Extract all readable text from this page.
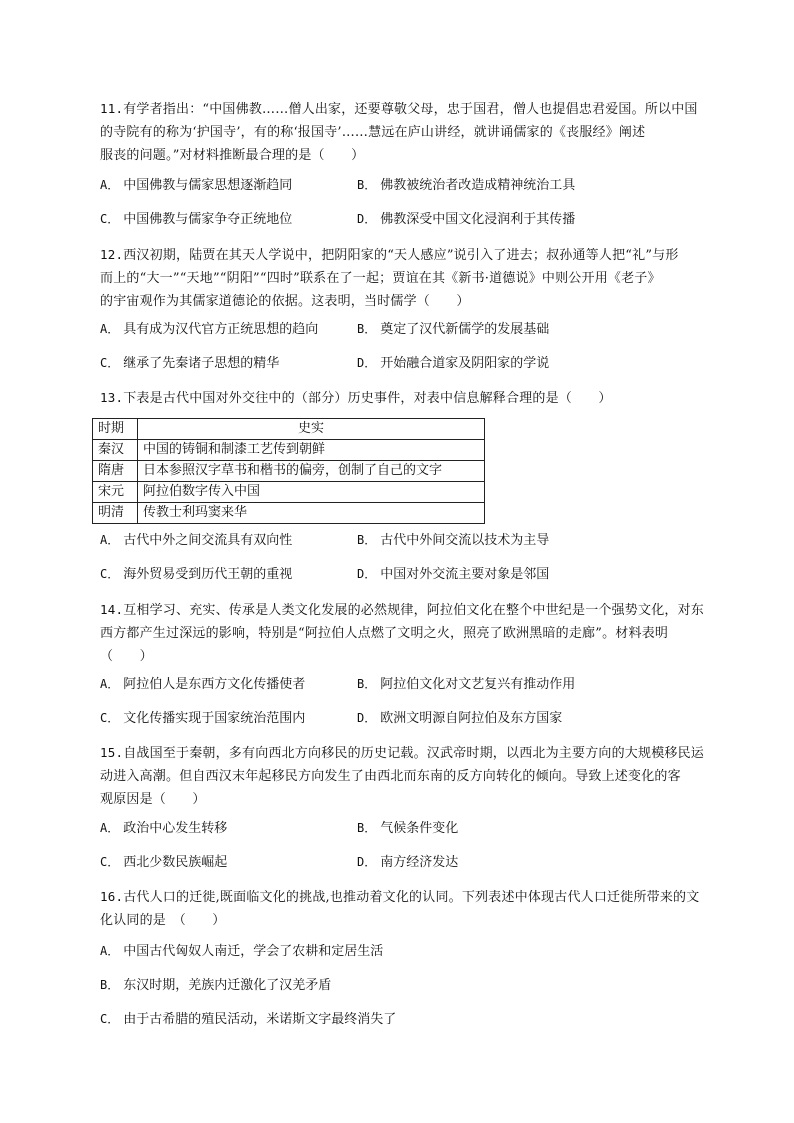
11.有学者指出：“中国佛教……僧人出家，还要尊敬父母，忠于国君，僧人也提倡忠君爱国。所以中国
的寺院有的称为‘护国寺’，有的称‘报国寺’……慧远在庐山讲经，就讲诵儒家的《丧服经》阐述
服丧的问题。”对材料推断最合理的是（　　）
A． 中国佛教与儒家思想逐渐趋同	B． 佛教被统治者改造成精神统治工具
C． 中国佛教与儒家争夺正统地位	D． 佛教深受中国文化浸润利于其传播
12.西汉初期，陆贾在其天人学说中，把阴阳家的“天人感应”说引入了进去；叔孙通等人把“礼”与形
而上的“大一”“天地”“阴阳”“四时”联系在了一起；贾谊在其《新书·道德说》中则公开用《老子》
的宇宙观作为其儒家道德论的依据。这表明，当时儒学（　　）
A． 具有成为汉代官方正统思想的趋向	B． 奠定了汉代新儒学的发展基础
C． 继承了先秦诸子思想的精华	D． 开始融合道家及阴阳家的学说
13.下表是古代中国对外交往中的（部分）历史事件，对表中信息解释合理的是（　　）
时期	史实
秦汉	中国的铸铜和制漆工艺传到朝鲜
隋唐	日本参照汉字草书和楷书的偏旁，创制了自己的文字
宋元	阿拉伯数字传入中国
明清	传教士利玛窦来华
A． 古代中外之间交流具有双向性	B． 古代中外间交流以技术为主导
C． 海外贸易受到历代王朝的重视	D． 中国对外交流主要对象是邻国
14.互相学习、充实、传承是人类文化发展的必然规律，阿拉伯文化在整个中世纪是一个强势文化，对东
西方都产生过深远的影响，特别是“阿拉伯人点燃了文明之火，照亮了欧洲黑暗的走廊”。材料表明
（　　）
A． 阿拉伯人是东西方文化传播使者	B． 阿拉伯文化对文艺复兴有推动作用
C． 文化传播实现于国家统治范围内	D． 欧洲文明源自阿拉伯及东方国家
15.自战国至于秦朝，多有向西北方向移民的历史记载。汉武帝时期，以西北为主要方向的大规模移民运
动进入高潮。但自西汉末年起移民方向发生了由西北而东南的反方向转化的倾向。导致上述变化的客
观原因是（　　）
A． 政治中心发生转移	B． 气候条件变化
C． 西北少数民族崛起	D． 南方经济发达
16.古代人口的迁徙,既面临文化的挑战,也推动着文化的认同。下列表述中体现古代人口迁徙所带来的文
化认同的是　（　　）
A． 中国古代匈奴人南迁，学会了农耕和定居生活
B． 东汉时期，羌族内迁激化了汉羌矛盾
C． 由于古希腊的殖民活动，米诺斯文字最终消失了
